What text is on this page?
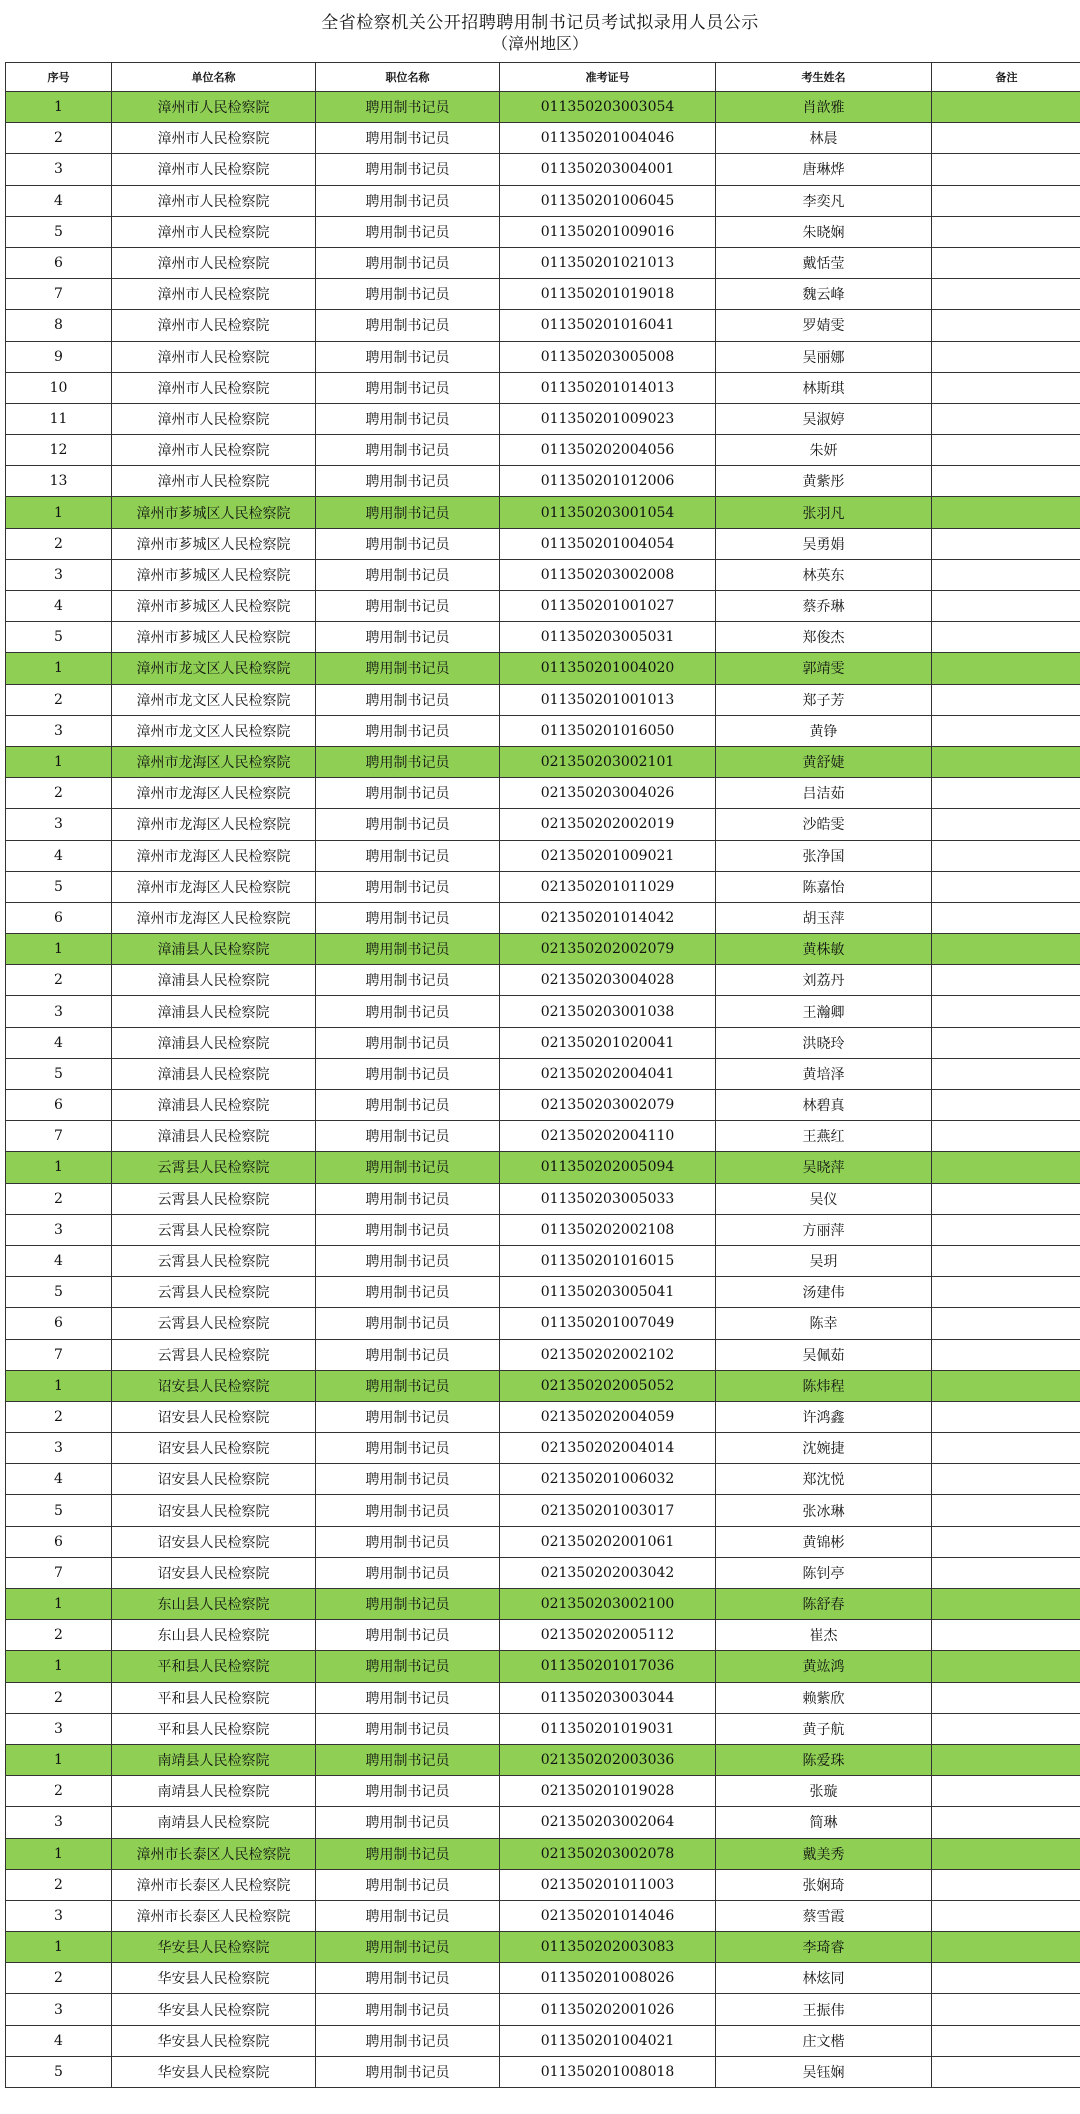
全省检察机关公开招聘聘用制书记员考试拟录用人员公示
（漳州地区）
序号	单位名称	职位名称	准考证号	考生姓名	备注
1	漳州市人民检察院	聘用制书记员	011350203003054	肖歆雅	
2	漳州市人民检察院	聘用制书记员	011350201004046	林晨	
3	漳州市人民检察院	聘用制书记员	011350203004001	唐琳烨	
4	漳州市人民检察院	聘用制书记员	011350201006045	李奕凡	
5	漳州市人民检察院	聘用制书记员	011350201009016	朱晓娴	
6	漳州市人民检察院	聘用制书记员	011350201021013	戴恬莹	
7	漳州市人民检察院	聘用制书记员	011350201019018	魏云峰	
8	漳州市人民检察院	聘用制书记员	011350201016041	罗婧雯	
9	漳州市人民检察院	聘用制书记员	011350203005008	吴丽娜	
10	漳州市人民检察院	聘用制书记员	011350201014013	林斯琪	
11	漳州市人民检察院	聘用制书记员	011350201009023	吴淑婷	
12	漳州市人民检察院	聘用制书记员	011350202004056	朱妍	
13	漳州市人民检察院	聘用制书记员	011350201012006	黄紫彤	
1	漳州市芗城区人民检察院	聘用制书记员	011350203001054	张羽凡	
2	漳州市芗城区人民检察院	聘用制书记员	011350201004054	吴勇娟	
3	漳州市芗城区人民检察院	聘用制书记员	011350203002008	林英东	
4	漳州市芗城区人民检察院	聘用制书记员	011350201001027	蔡乔琳	
5	漳州市芗城区人民检察院	聘用制书记员	011350203005031	郑俊杰	
1	漳州市龙文区人民检察院	聘用制书记员	011350201004020	郭靖雯	
2	漳州市龙文区人民检察院	聘用制书记员	011350201001013	郑子芳	
3	漳州市龙文区人民检察院	聘用制书记员	011350201016050	黄铮	
1	漳州市龙海区人民检察院	聘用制书记员	021350203002101	黄舒婕	
2	漳州市龙海区人民检察院	聘用制书记员	021350203004026	吕洁茹	
3	漳州市龙海区人民检察院	聘用制书记员	021350202002019	沙皓雯	
4	漳州市龙海区人民检察院	聘用制书记员	021350201009021	张净国	
5	漳州市龙海区人民检察院	聘用制书记员	021350201011029	陈嘉怡	
6	漳州市龙海区人民检察院	聘用制书记员	021350201014042	胡玉萍	
1	漳浦县人民检察院	聘用制书记员	021350202002079	黄株敏	
2	漳浦县人民检察院	聘用制书记员	021350203004028	刘荔丹	
3	漳浦县人民检察院	聘用制书记员	021350203001038	王瀚卿	
4	漳浦县人民检察院	聘用制书记员	021350201020041	洪晓玲	
5	漳浦县人民检察院	聘用制书记员	021350202004041	黄培泽	
6	漳浦县人民检察院	聘用制书记员	021350203002079	林碧真	
7	漳浦县人民检察院	聘用制书记员	021350202004110	王燕红	
1	云霄县人民检察院	聘用制书记员	011350202005094	吴晓萍	
2	云霄县人民检察院	聘用制书记员	011350203005033	吴仪	
3	云霄县人民检察院	聘用制书记员	011350202002108	方丽萍	
4	云霄县人民检察院	聘用制书记员	011350201016015	吴玥	
5	云霄县人民检察院	聘用制书记员	011350203005041	汤建伟	
6	云霄县人民检察院	聘用制书记员	011350201007049	陈幸	
7	云霄县人民检察院	聘用制书记员	021350202002102	吴佩茹	
1	诏安县人民检察院	聘用制书记员	021350202005052	陈炜程	
2	诏安县人民检察院	聘用制书记员	021350202004059	许鸿鑫	
3	诏安县人民检察院	聘用制书记员	021350202004014	沈婉捷	
4	诏安县人民检察院	聘用制书记员	021350201006032	郑沈悦	
5	诏安县人民检察院	聘用制书记员	021350201003017	张冰琳	
6	诏安县人民检察院	聘用制书记员	021350202001061	黄锦彬	
7	诏安县人民检察院	聘用制书记员	021350202003042	陈钊亭	
1	东山县人民检察院	聘用制书记员	021350203002100	陈舒春	
2	东山县人民检察院	聘用制书记员	021350202005112	崔杰	
1	平和县人民检察院	聘用制书记员	011350201017036	黄竑鸿	
2	平和县人民检察院	聘用制书记员	011350203003044	赖紫欣	
3	平和县人民检察院	聘用制书记员	011350201019031	黄子航	
1	南靖县人民检察院	聘用制书记员	021350202003036	陈爱珠	
2	南靖县人民检察院	聘用制书记员	021350201019028	张璇	
3	南靖县人民检察院	聘用制书记员	021350203002064	简琳	
1	漳州市长泰区人民检察院	聘用制书记员	021350203002078	戴美秀	
2	漳州市长泰区人民检察院	聘用制书记员	021350201011003	张娴琦	
3	漳州市长泰区人民检察院	聘用制书记员	021350201014046	蔡雪霞	
1	华安县人民检察院	聘用制书记员	011350202003083	李琦睿	
2	华安县人民检察院	聘用制书记员	011350201008026	林炫同	
3	华安县人民检察院	聘用制书记员	011350202001026	王振伟	
4	华安县人民检察院	聘用制书记员	011350201004021	庄文楷	
5	华安县人民检察院	聘用制书记员	011350201008018	吴钰娴	
